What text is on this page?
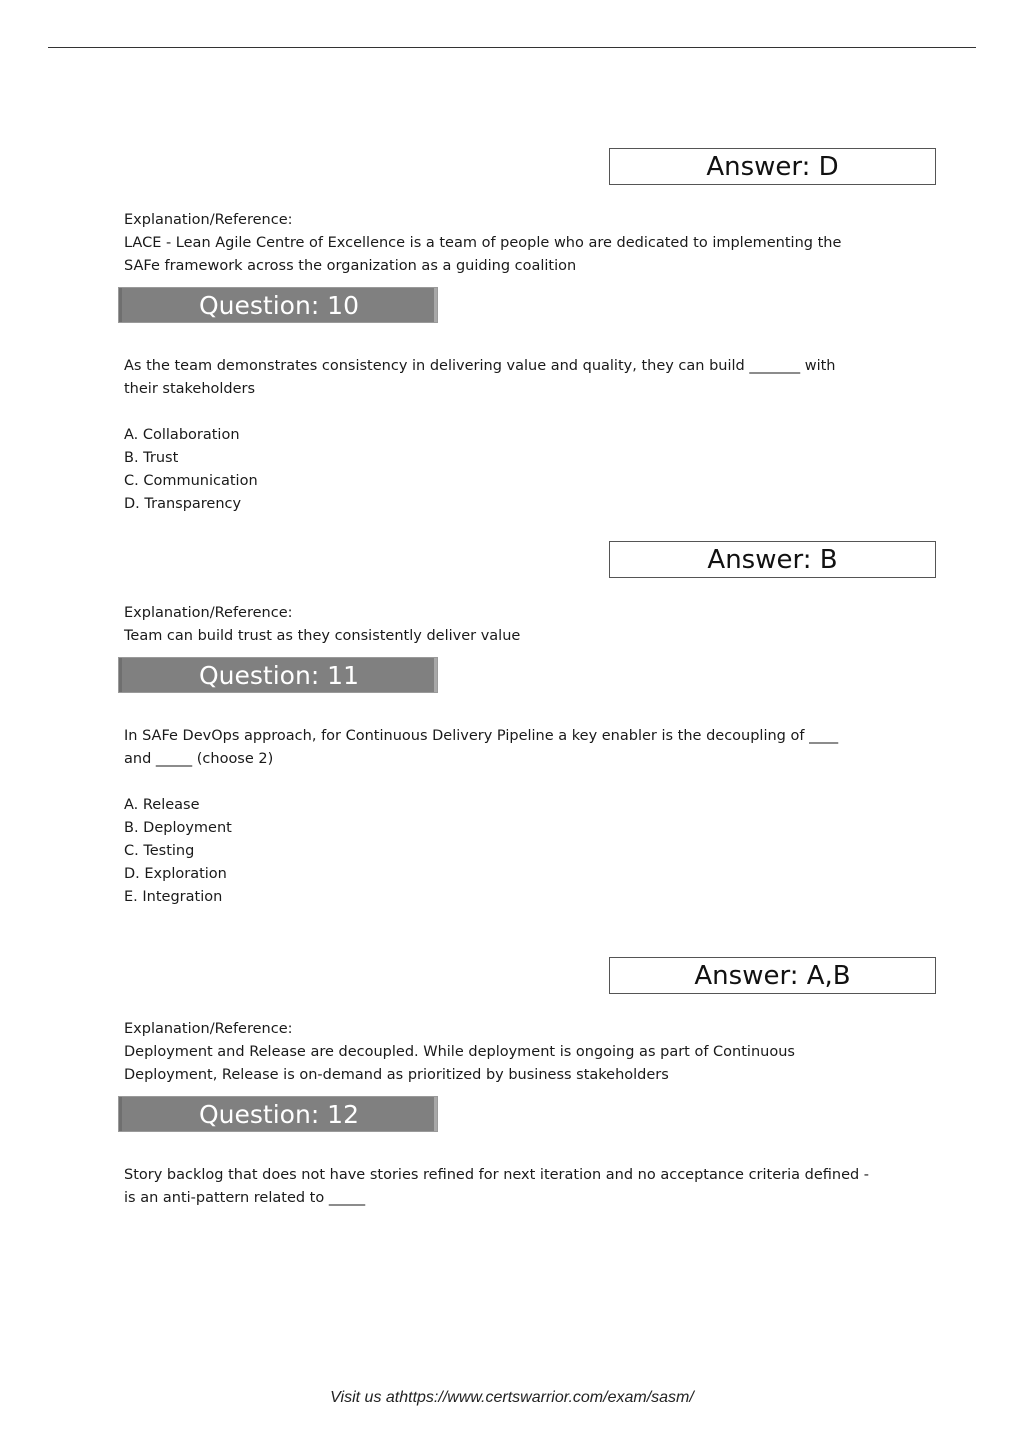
Answer: D
Explanation/Reference:
LACE - Lean Agile Centre of Excellence is a team of people who are dedicated to implementing the
SAFe framework across the organization as a guiding coalition
Question: 10
As the team demonstrates consistency in delivering value and quality, they can build _______ with
their stakeholders
A. Collaboration
B. Trust
C. Communication
D. Transparency
Answer: B
Explanation/Reference:
Team can build trust as they consistently deliver value
Question: 11
In SAFe DevOps approach, for Continuous Delivery Pipeline a key enabler is the decoupling of ____
and _____ (choose 2)
A. Release
B. Deployment
C. Testing
D. Exploration
E. Integration
Answer: A,B
Explanation/Reference:
Deployment and Release are decoupled. While deployment is ongoing as part of Continuous
Deployment, Release is on-demand as prioritized by business stakeholders
Question: 12
Story backlog that does not have stories refined for next iteration and no acceptance criteria defined -
is an anti-pattern related to _____
Visit us athttps://www.certswarrior.com/exam/sasm/
